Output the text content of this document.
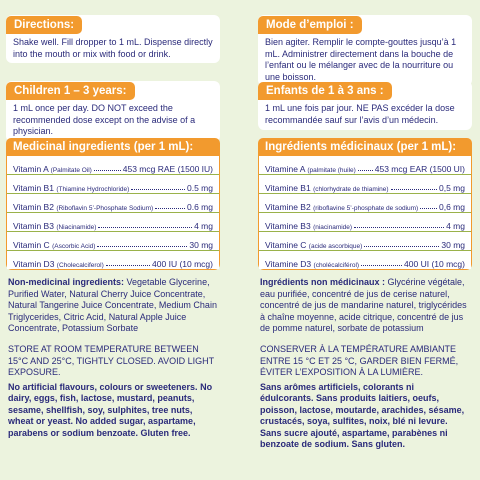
Directions:
Shake well. Fill dropper to 1 mL. Dispense directly into the mouth or mix with food or drink.
Children 1 – 3 years:
1 mL once per day. DO NOT exceed the recommended dose except on the advise of a physician.
Medicinal ingredients (per 1 mL):
Vitamin A (Palmitate Oil)	453 mcg RAE (1500 IU)
Vitamin B1 (Thiamine Hydrochloride)	0.5 mg
Vitamin B2 (Riboflavin 5’-Phosphate Sodium)	0.6 mg
Vitamin B3 (Niacinamide)	4 mg
Vitamin C (Ascorbic Acid)	30 mg
Vitamin D3 (Cholecalciferol)	400 IU (10 mcg)
Non-medicinal ingredients: Vegetable Glycerine, Purified Water, Natural Cherry Juice Concentrate, Natural Tangerine Juice Concentrate, Medium Chain Triglycerides, Citric Acid, Natural Apple Juice Concentrate, Potassium Sorbate
STORE AT ROOM TEMPERATURE BETWEEN 15°C AND 25°C, TIGHTLY CLOSED. AVOID LIGHT EXPOSURE.
No artificial flavours, colours or sweeteners. No dairy, eggs, fish, lactose, mustard, peanuts, sesame, shellfish, soy, sulphites, tree nuts, wheat or yeast. No added sugar, aspartame, parabens or sodium benzoate. Gluten free.
Mode d’emploi :
Bien agiter. Remplir le compte-gouttes jusqu’à 1 mL. Administrer directement dans la bouche de l’enfant ou le mélanger avec de la nourriture ou une boisson.
Enfants de 1 à 3 ans :
1 mL une fois par jour. NE PAS excéder la dose recommandée sauf sur l’avis d’un médecin.
Ingrédients médicinaux (per 1 mL):
Vitamine A (palmitate (huile) 453 mcg EAR (1500 UI)
Vitamine B1 (chlorhydrate de thiamine)	0,5 mg
Vitamine B2 (riboflavine 5’-phosphate de sodium) 0,6 mg
Vitamine B3 (niacinamide)	4 mg
Vitamine C (acide ascorbique)	30 mg
Vitamine D3 (cholécalciférol)	400 UI (10 mcg)
Ingrédients non médicinaux : Glycérine végétale, eau purifiée, concentré de jus de cerise naturel, concentré de jus de mandarine naturel, triglycérides à chaîne moyenne, acide citrique, concentré de jus de pomme naturel, sorbate de potassium
CONSERVER À LA TEMPÉRATURE AMBIANTE ENTRE 15 °C ET 25 °C, GARDER BIEN FERMÉ, ÉVITER L’EXPOSITION À LA LUMIÈRE.
Sans arômes artificiels, colorants ni édulcorants. Sans produits laitiers, oeufs, poisson, lactose, moutarde, arachides, sésame, crustacés, soya, sulfites, noix, blé ni levure. Sans sucre ajouté, aspartame, parabènes ni benzoate de sodium. Sans gluten.
